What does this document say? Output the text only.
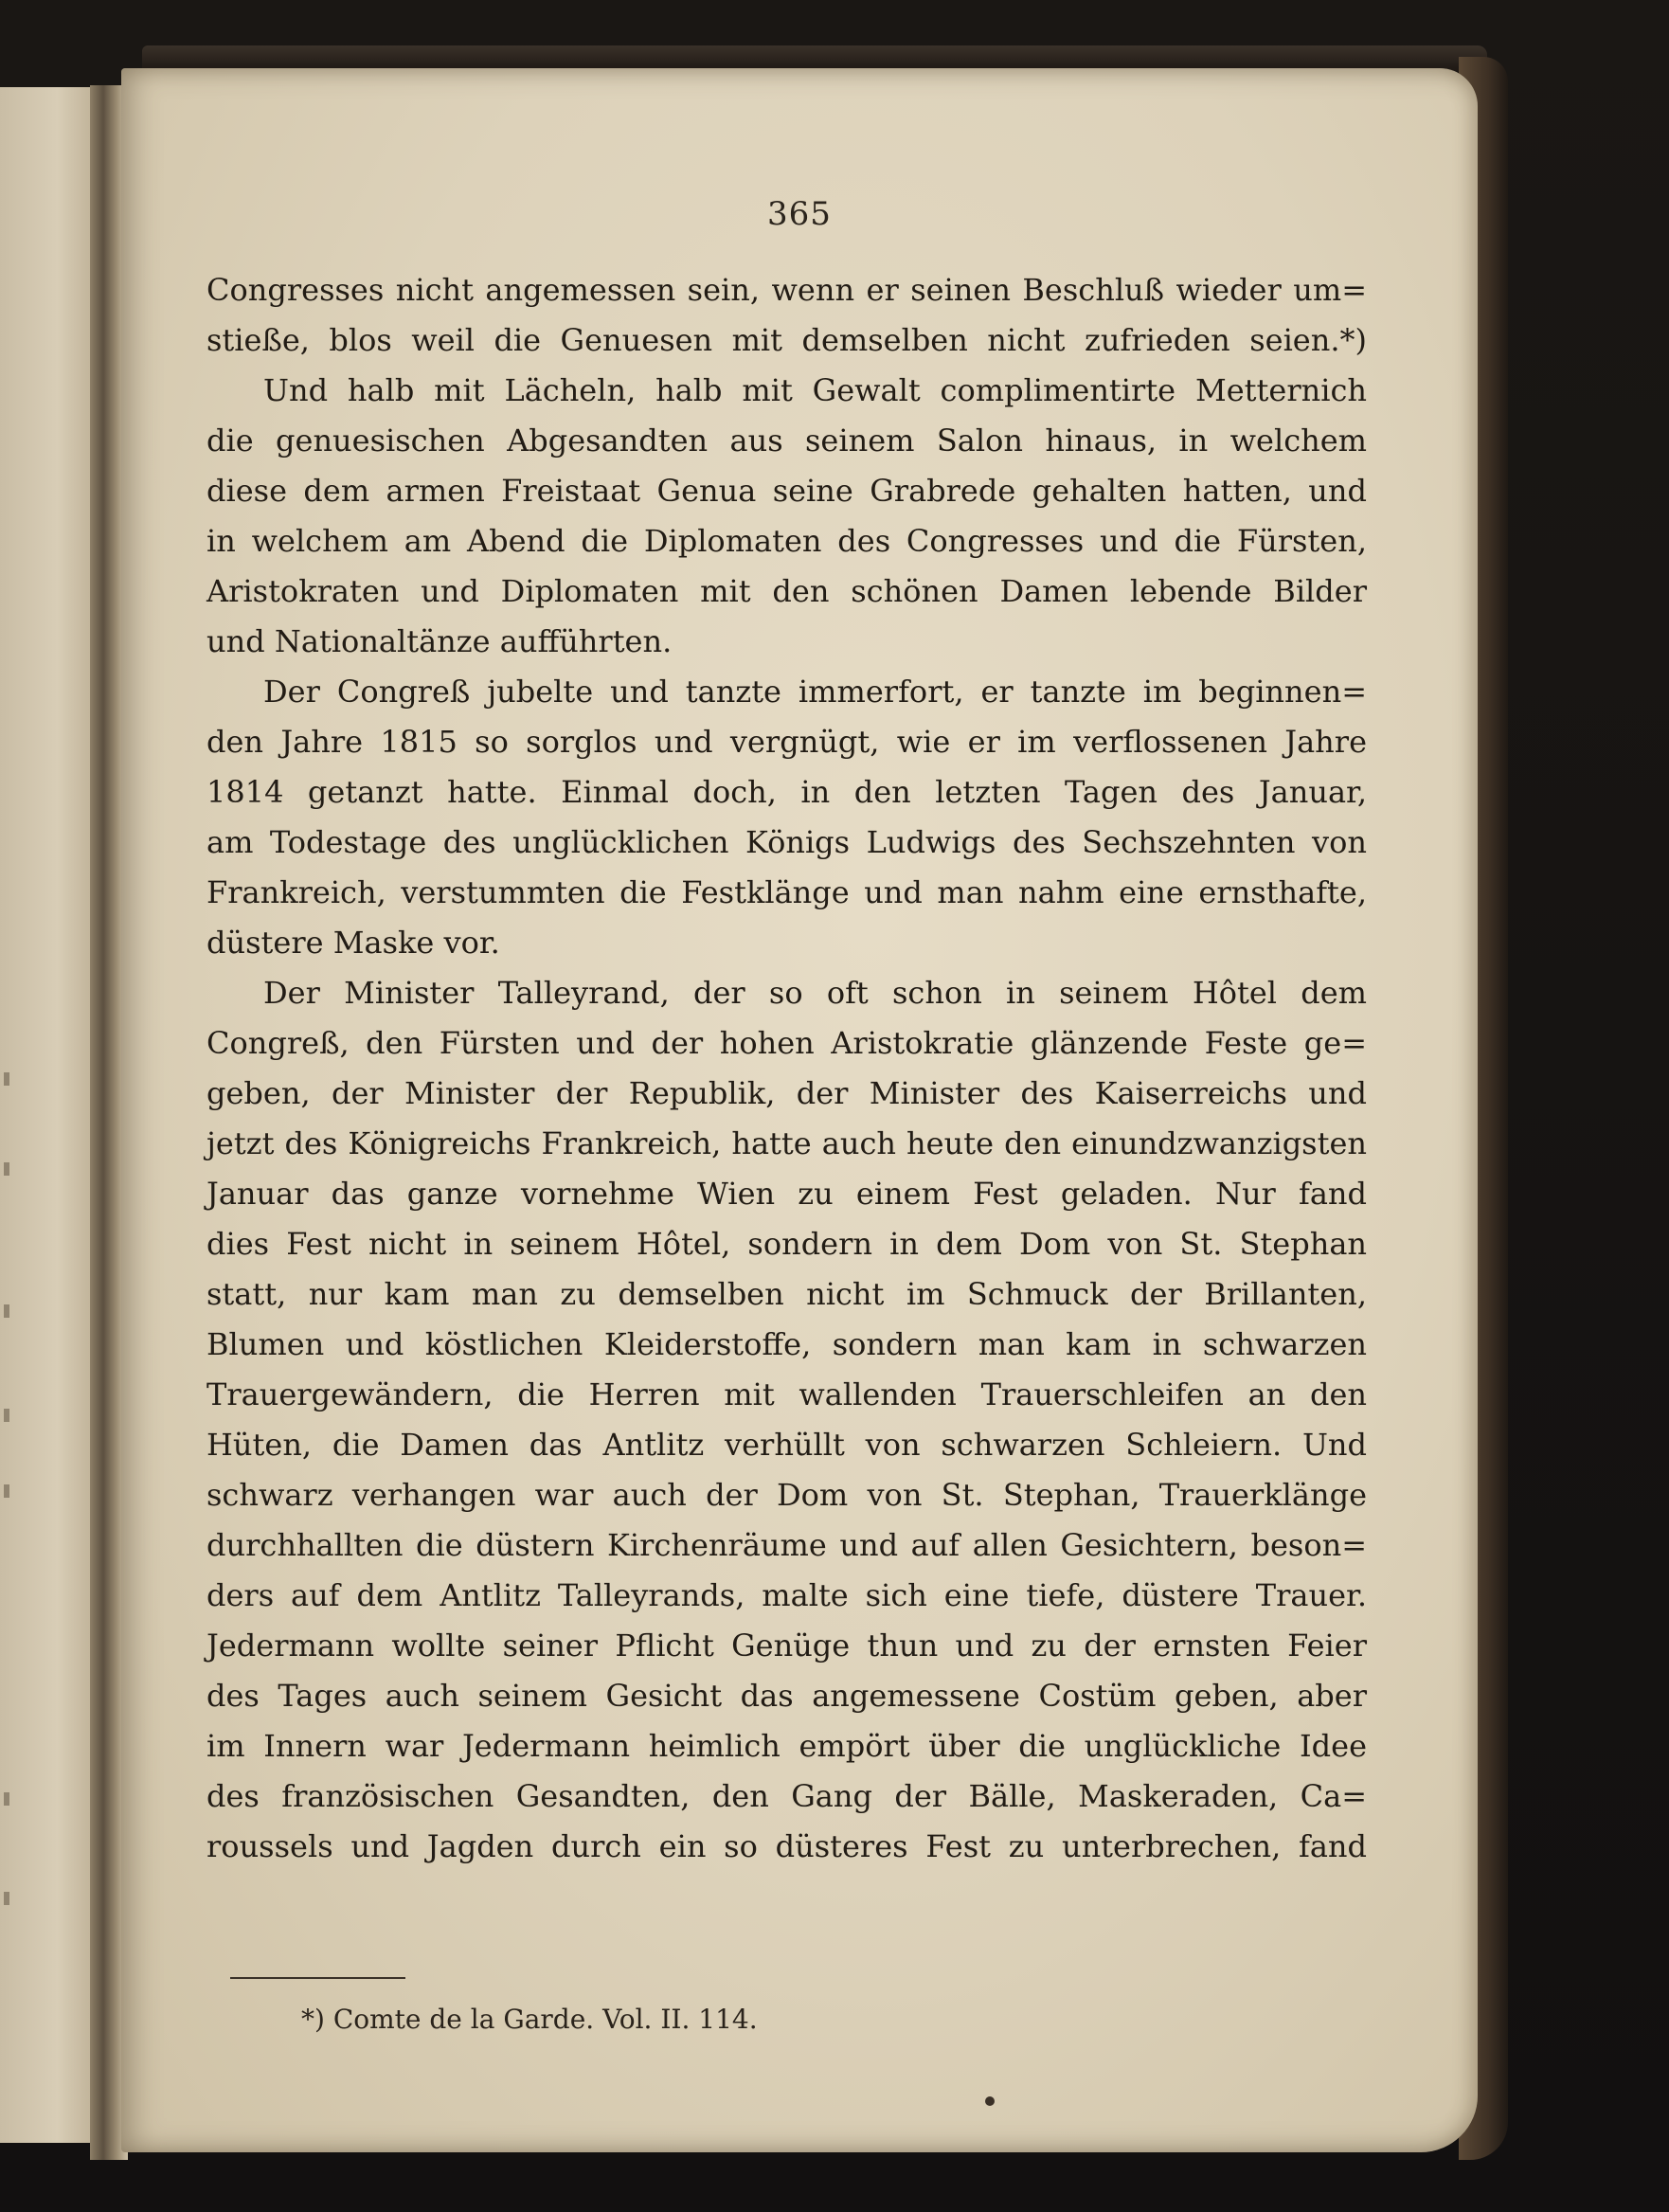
365
Congresses nicht angemessen sein, wenn er seinen Beschluß wieder um=
stieße, blos weil die Genuesen mit demselben nicht zufrieden seien.*)
Und halb mit Lächeln, halb mit Gewalt complimentirte Metternich
die genuesischen Abgesandten aus seinem Salon hinaus, in welchem
diese dem armen Freistaat Genua seine Grabrede gehalten hatten, und
in welchem am Abend die Diplomaten des Congresses und die Fürsten,
Aristokraten und Diplomaten mit den schönen Damen lebende Bilder
und Nationaltänze aufführten.
Der Congreß jubelte und tanzte immerfort, er tanzte im beginnen=
den Jahre 1815 so sorglos und vergnügt, wie er im verflossenen Jahre
1814 getanzt hatte. Einmal doch, in den letzten Tagen des Januar,
am Todestage des unglücklichen Königs Ludwigs des Sechszehnten von
Frankreich, verstummten die Festklänge und man nahm eine ernsthafte,
düstere Maske vor.
Der Minister Talleyrand, der so oft schon in seinem Hôtel dem
Congreß, den Fürsten und der hohen Aristokratie glänzende Feste ge=
geben, der Minister der Republik, der Minister des Kaiserreichs und
jetzt des Königreichs Frankreich, hatte auch heute den einundzwanzigsten
Januar das ganze vornehme Wien zu einem Fest geladen. Nur fand
dies Fest nicht in seinem Hôtel, sondern in dem Dom von St. Stephan
statt, nur kam man zu demselben nicht im Schmuck der Brillanten,
Blumen und köstlichen Kleiderstoffe, sondern man kam in schwarzen
Trauergewändern, die Herren mit wallenden Trauerschleifen an den
Hüten, die Damen das Antlitz verhüllt von schwarzen Schleiern. Und
schwarz verhangen war auch der Dom von St. Stephan, Trauerklänge
durchhallten die düstern Kirchenräume und auf allen Gesichtern, beson=
ders auf dem Antlitz Talleyrands, malte sich eine tiefe, düstere Trauer.
Jedermann wollte seiner Pflicht Genüge thun und zu der ernsten Feier
des Tages auch seinem Gesicht das angemessene Costüm geben, aber
im Innern war Jedermann heimlich empört über die unglückliche Idee
des französischen Gesandten, den Gang der Bälle, Maskeraden, Ca=
roussels und Jagden durch ein so düsteres Fest zu unterbrechen, fand
*) Comte de la Garde. Vol. II. 114.
